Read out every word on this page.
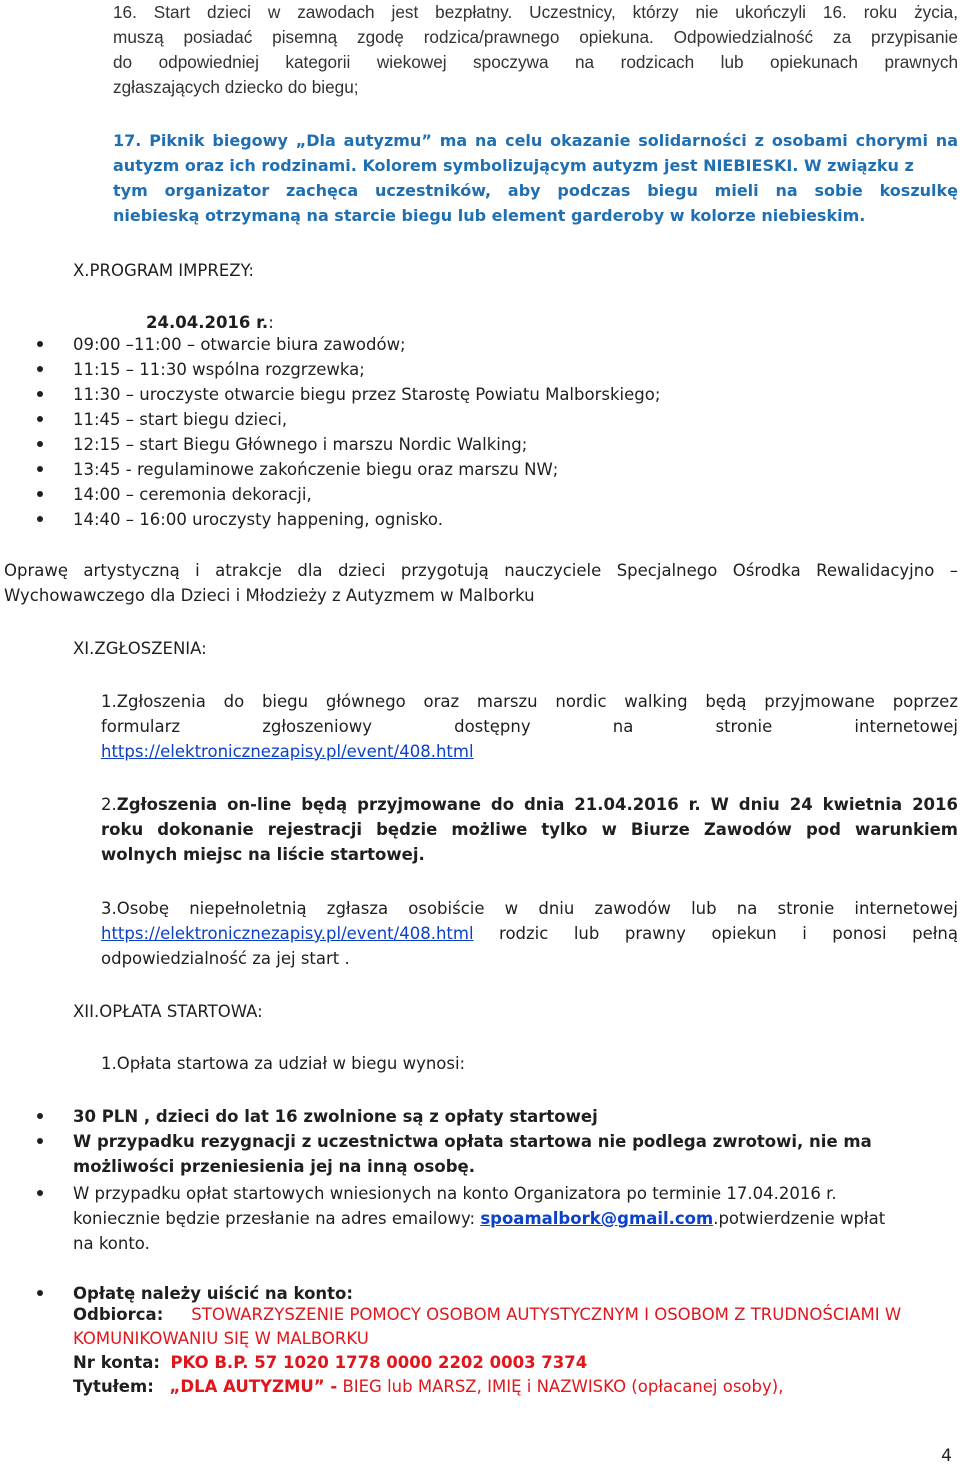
16. Start dzieci w zawodach jest bezpłatny. Uczestnicy, którzy nie ukończyli 16. roku życia,
muszą posiadać pisemną zgodę rodzica/prawnego opiekuna. Odpowiedzialność za przypisanie
do odpowiedniej kategorii wiekowej spoczywa na rodzicach lub opiekunach prawnych
zgłaszających dziecko do biegu;
17. Piknik biegowy „Dla autyzmu” ma na celu okazanie solidarności z osobami chorymi na
autyzm oraz ich rodzinami. Kolorem symbolizującym autyzm jest NIEBIESKI. W związku z
tym organizator zachęca uczestników, aby podczas biegu mieli na sobie koszulkę
niebieską otrzymaną na starcie biegu lub element garderoby w kolorze niebieskim.
X.PROGRAM IMPREZY:
24.04.2016 r.:
09:00 –11:00 – otwarcie biura zawodów;
11:15 – 11:30 wspólna rozgrzewka;
11:30 – uroczyste otwarcie biegu przez Starostę Powiatu Malborskiego;
11:45 – start biegu dzieci,
12:15 – start Biegu Głównego i marszu Nordic Walking;
13:45 - regulaminowe zakończenie biegu oraz marszu NW;
14:00 – ceremonia dekoracji,
14:40 – 16:00 uroczysty happening, ognisko.
Oprawę artystyczną i atrakcje dla dzieci przygotują nauczyciele Specjalnego Ośrodka Rewalidacyjno –
Wychowawczego dla Dzieci i Młodzieży z Autyzmem w Malborku
XI.ZGŁOSZENIA:
1.Zgłoszenia do biegu głównego oraz marszu nordic walking będą przyjmowane poprzez
formularz zgłoszeniowy dostępny na stronie internetowej
https://elektronicznezapisy.pl/event/408.html
2.Zgłoszenia on-line będą przyjmowane do dnia 21.04.2016 r. W dniu 24 kwietnia 2016
roku dokonanie rejestracji będzie możliwe tylko w Biurze Zawodów pod warunkiem
wolnych miejsc na liście startowej.
3.Osobę niepełnoletnią zgłasza osobiście w dniu zawodów lub na stronie internetowej
https://elektronicznezapisy.pl/event/408.html rodzic lub prawny opiekun i ponosi pełną
odpowiedzialność za jej start .
XII.OPŁATA STARTOWA:
1.Opłata startowa za udział w biegu wynosi:
30 PLN , dzieci do lat 16 zwolnione są z opłaty startowej
W przypadku rezygnacji z uczestnictwa opłata startowa nie podlega zwrotowi, nie ma
możliwości przeniesienia jej na inną osobę.
W przypadku opłat startowych wniesionych na konto Organizatora po terminie 17.04.2016 r.
koniecznie będzie przesłanie na adres emailowy: spoamalbork@gmail.com.potwierdzenie wpłat
na konto.
Opłatę należy uiścić na konto:
Odbiorca: STOWARZYSZENIE POMOCY OSOBOM AUTYSTYCZNYM I OSOBOM Z TRUDNOŚCIAMI W
KOMUNIKOWANIU SIĘ W MALBORKU
Nr konta: PKO B.P. 57 1020 1778 0000 2202 0003 7374
Tytułem: „DLA AUTYZMU” - BIEG lub MARSZ, IMIĘ i NAZWISKO (opłacanej osoby),
4
